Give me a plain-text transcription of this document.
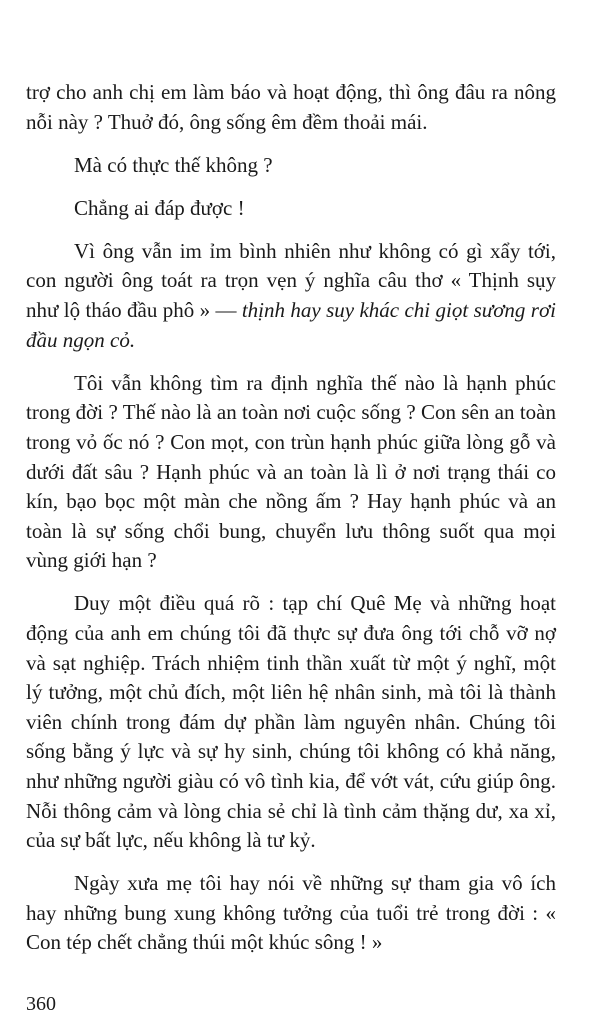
trợ cho anh chị em làm báo và hoạt động, thì ông đâu ra nông nỗi này ? Thuở đó, ông sống êm đềm thoải mái.

Mà có thực thế không ?

Chẳng ai đáp được !

Vì ông vẫn im ỉm bình nhiên như không có gì xẩy tới, con người ông toát ra trọn vẹn ý nghĩa câu thơ « Thịnh sụy như lộ tháo đầu phô » — thịnh hay suy khác chi giọt sương rơi đầu ngọn cỏ.

Tôi vẫn không tìm ra định nghĩa thế nào là hạnh phúc trong đời ? Thế nào là an toàn nơi cuộc sống ? Con sên an toàn trong vỏ ốc nó ? Con mọt, con trùn hạnh phúc giữa lòng gỗ và dưới đất sâu ? Hạnh phúc và an toàn là lì ở nơi trạng thái co kín, bạo bọc một màn che nồng ấm ? Hay hạnh phúc và an toàn là sự sống chổi bung, chuyển lưu thông suốt qua mọi vùng giới hạn ?

Duy một điều quá rõ : tạp chí Quê Mẹ và những hoạt động của anh em chúng tôi đã thực sự đưa ông tới chỗ vỡ nợ và sạt nghiệp. Trách nhiệm tinh thần xuất từ một ý nghĩ, một lý tưởng, một chủ đích, một liên hệ nhân sinh, mà tôi là thành viên chính trong đám dự phần làm nguyên nhân. Chúng tôi sống bằng ý lực và sự hy sinh, chúng tôi không có khả năng, như những người giàu có vô tình kia, để vớt vát, cứu giúp ông. Nỗi thông cảm và lòng chia sẻ chỉ là tình cảm thặng dư, xa xỉ, của sự bất lực, nếu không là tư kỷ.

Ngày xưa mẹ tôi hay nói về những sự tham gia vô ích hay những bung xung không tưởng của tuổi trẻ trong đời : « Con tép chết chẳng thúi một khúc sông ! »

360
